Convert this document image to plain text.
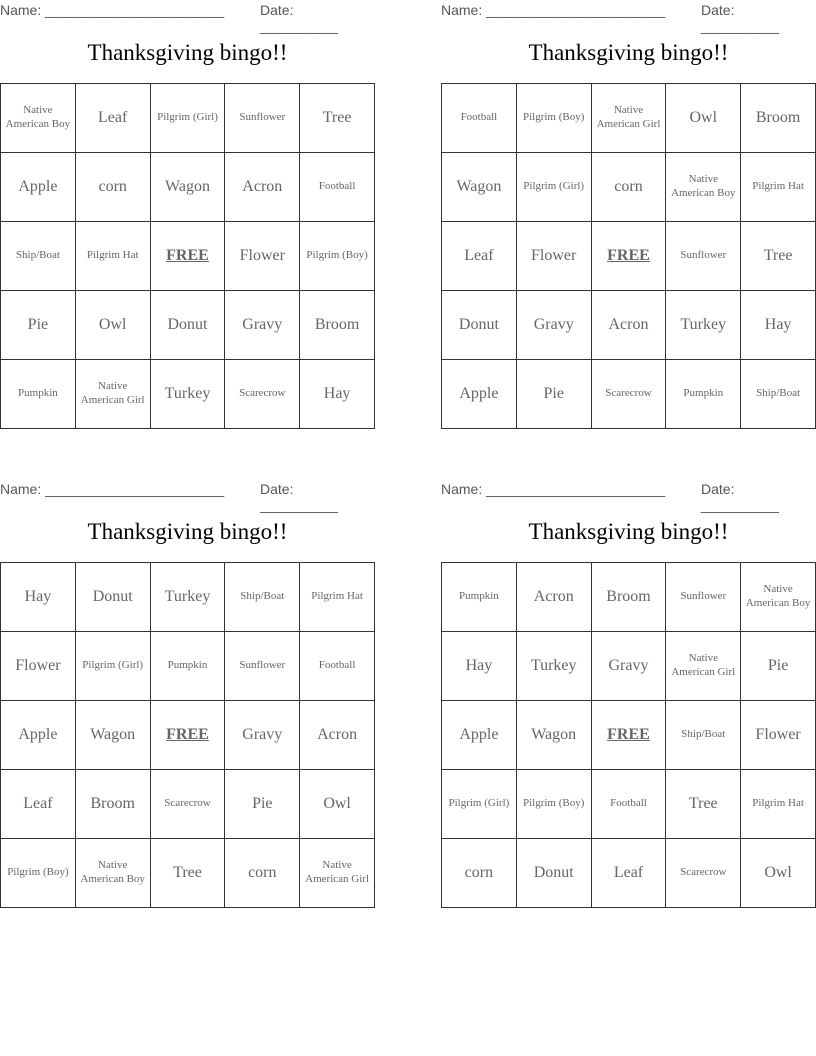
Name: _______________________	Date: __________
Thanksgiving bingo!!
Native American Boy	Leaf	Pilgrim (Girl)	Sunflower	Tree
Apple	corn	Wagon	Acron	Football
Ship/Boat	Pilgrim Hat	FREE	Flower	Pilgrim (Boy)
Pie	Owl	Donut	Gravy	Broom
Pumpkin	Native American Girl	Turkey	Scarecrow	Hay
Name: _______________________	Date: __________
Thanksgiving bingo!!
Football	Pilgrim (Boy)	Native American Girl	Owl	Broom
Wagon	Pilgrim (Girl)	corn	Native American Boy	Pilgrim Hat
Leaf	Flower	FREE	Sunflower	Tree
Donut	Gravy	Acron	Turkey	Hay
Apple	Pie	Scarecrow	Pumpkin	Ship/Boat
Name: _______________________	Date: __________
Thanksgiving bingo!!
Hay	Donut	Turkey	Ship/Boat	Pilgrim Hat
Flower	Pilgrim (Girl)	Pumpkin	Sunflower	Football
Apple	Wagon	FREE	Gravy	Acron
Leaf	Broom	Scarecrow	Pie	Owl
Pilgrim (Boy)	Native American Boy	Tree	corn	Native American Girl
Name: _______________________	Date: __________
Thanksgiving bingo!!
Pumpkin	Acron	Broom	Sunflower	Native American Boy
Hay	Turkey	Gravy	Native American Girl	Pie
Apple	Wagon	FREE	Ship/Boat	Flower
Pilgrim (Girl)	Pilgrim (Boy)	Football	Tree	Pilgrim Hat
corn	Donut	Leaf	Scarecrow	Owl
